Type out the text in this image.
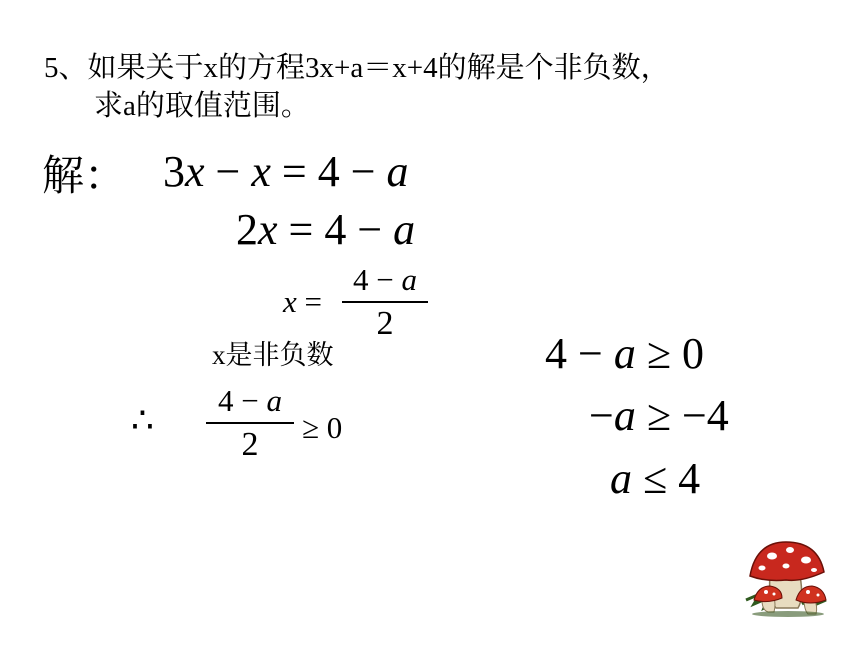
5、如果关于x的方程3x+a＝x+4的解是个非负数，
求a的取值范围。
解： 3x − x = 4 − a
2x = 4 − a
x =
4 − a
2
x是非负数
∴	4 − a
2	≥ 0
4 − a ≥ 0
−a ≥ −4
a ≤ 4
